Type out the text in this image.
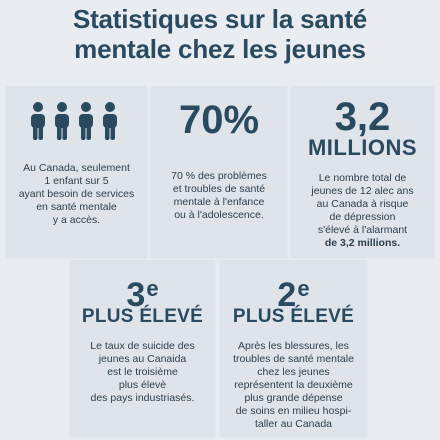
Statistiques sur la santé
mentale chez les jeunes
Au Canada, seulement
1 enfant sur 5
ayant besoin de services
en santé mentale
y a accès.
70%
70 % des problèmes
et troubles de santé
mentale à l'enfance
ou à l'adolescence.
3,2
MILLIONS
Le nombre total de
jeunes de 12 alec ans
au Canada à risque
de dépression
s'élevé à l'alarmant
de 3,2 millions.
3e
PLUS ÉLEVÉ
Le taux de suicide des
jeunes au Canaida
est le troisième
plus élevè
des pays industriasés.
2e
PLUS ÉLEVÉ
Après les blessures, les
troubles de santé mentale
chez les jeunes
représentent la deuxième
plus grande dépense
de soins en milieu hospi-
taller au Canada
